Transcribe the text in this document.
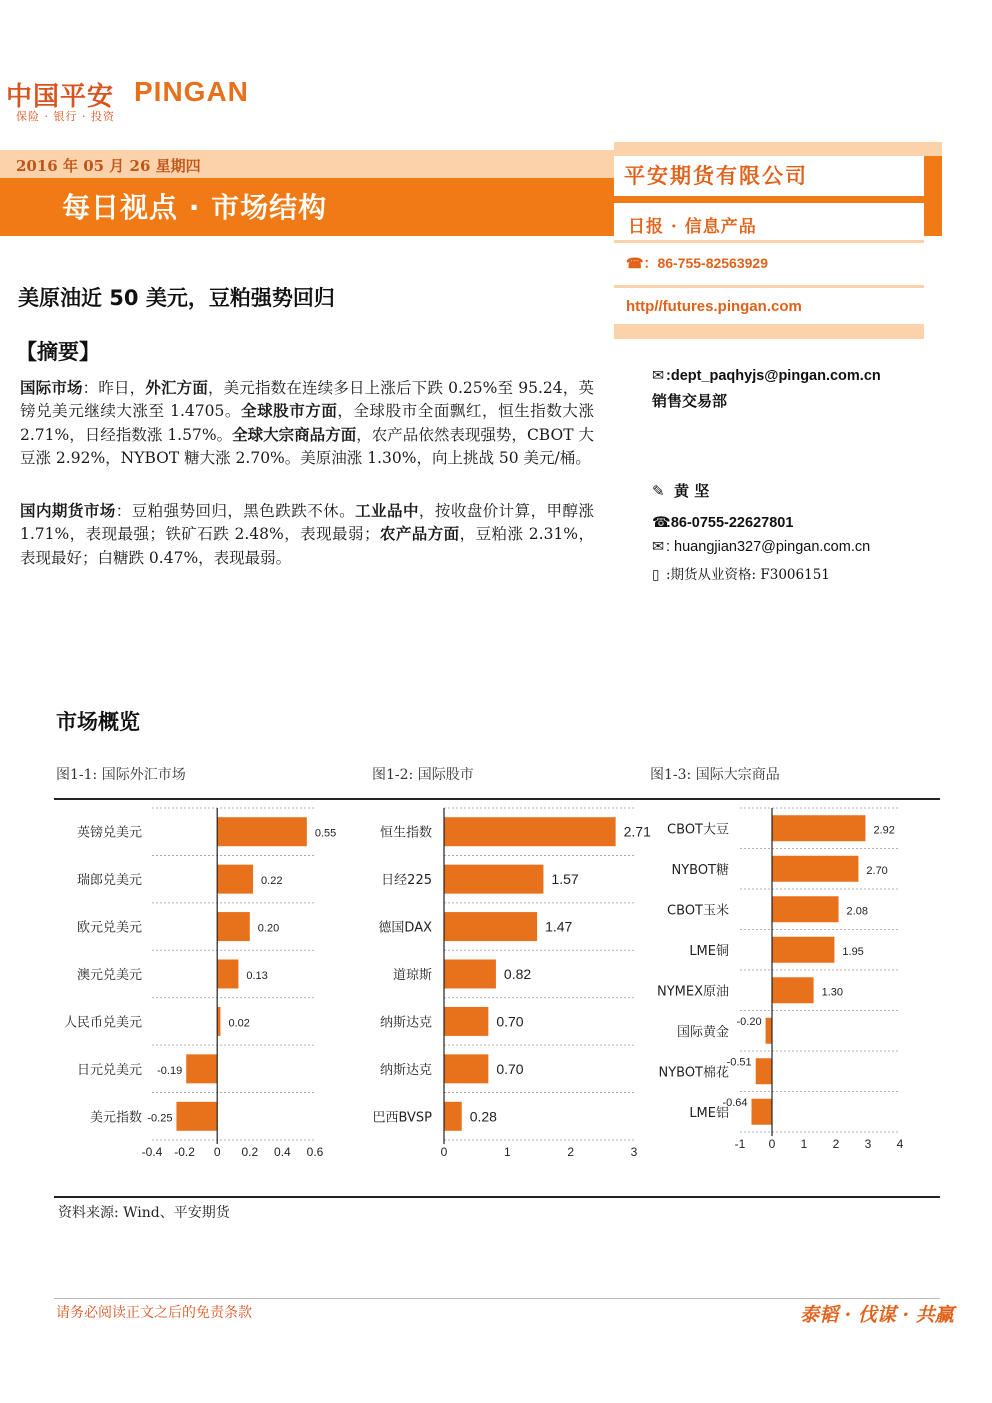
中国平安 PINGAN
保险 · 银行 · 投资
2016 年 05 月 26 星期四
每日视点 · 市场结构
平安期货有限公司
日报 · 信息产品
☎：86-755-82563929
http//futures.pingan.com
美原油近 50 美元，豆粕强势回归
【摘要】
国际市场：昨日，外汇方面，美元指数在连续多日上涨后下跌 0.25%至 95.24，英镑兑美元继续大涨至 1.4705。全球股市方面，全球股市全面飘红，恒生指数大涨 2.71%，日经指数涨 1.57%。全球大宗商品方面，农产品依然表现强势，CBOT 大豆涨 2.92%，NYBOT 糖大涨 2.70%。美原油涨 1.30%，向上挑战 50 美元/桶。
国内期货市场：豆粕强势回归，黑色跌跌不休。工业品中，按收盘价计算，甲醇涨 1.71%，表现最强；铁矿石跌 2.48%，表现最弱；农产品方面，豆粕涨 2.31%，表现最好；白糖跌 0.47%，表现最弱。
✉ :dept_paqhyjs@pingan.com.cn
销售交易部
✎ 黄 坚
☎:86-0755-22627801
✉ : huangjian327@pingan.com.cn
▯ :期货从业资格: F3006151
市场概览
图1-1: 国际外汇市场	图1-2: 国际股市	图1-3: 国际大宗商品
英镑兑美元	0.55
瑞郎兑美元	0.22
欧元兑美元	0.20
澳元兑美元	0.13
人民币兑美元	0.02
日元兑美元 -0.19
美元指数 -0.25
-0.4 -0.2 0 0.2 0.4 0.6
恒生指数	2.71
日经225	1.57
德国DAX	1.47
道琼斯	0.82
纳斯达克	0.70
纳斯达克	0.70
巴西BVSP	0.28
0	1	2	3
CBOT大豆	2.92
NYBOT糖	2.70
CBOT玉米	2.08
LME铜	1.95
NYMEX原油	1.30
国际黄金
-0.20
NYBOT棉花
-0.51
LME铝
-0.64
-1 0 1 2 3 4
资料来源: Wind、平安期货
请务必阅读正文之后的免责条款	泰韬 · 伐谋 · 共赢
